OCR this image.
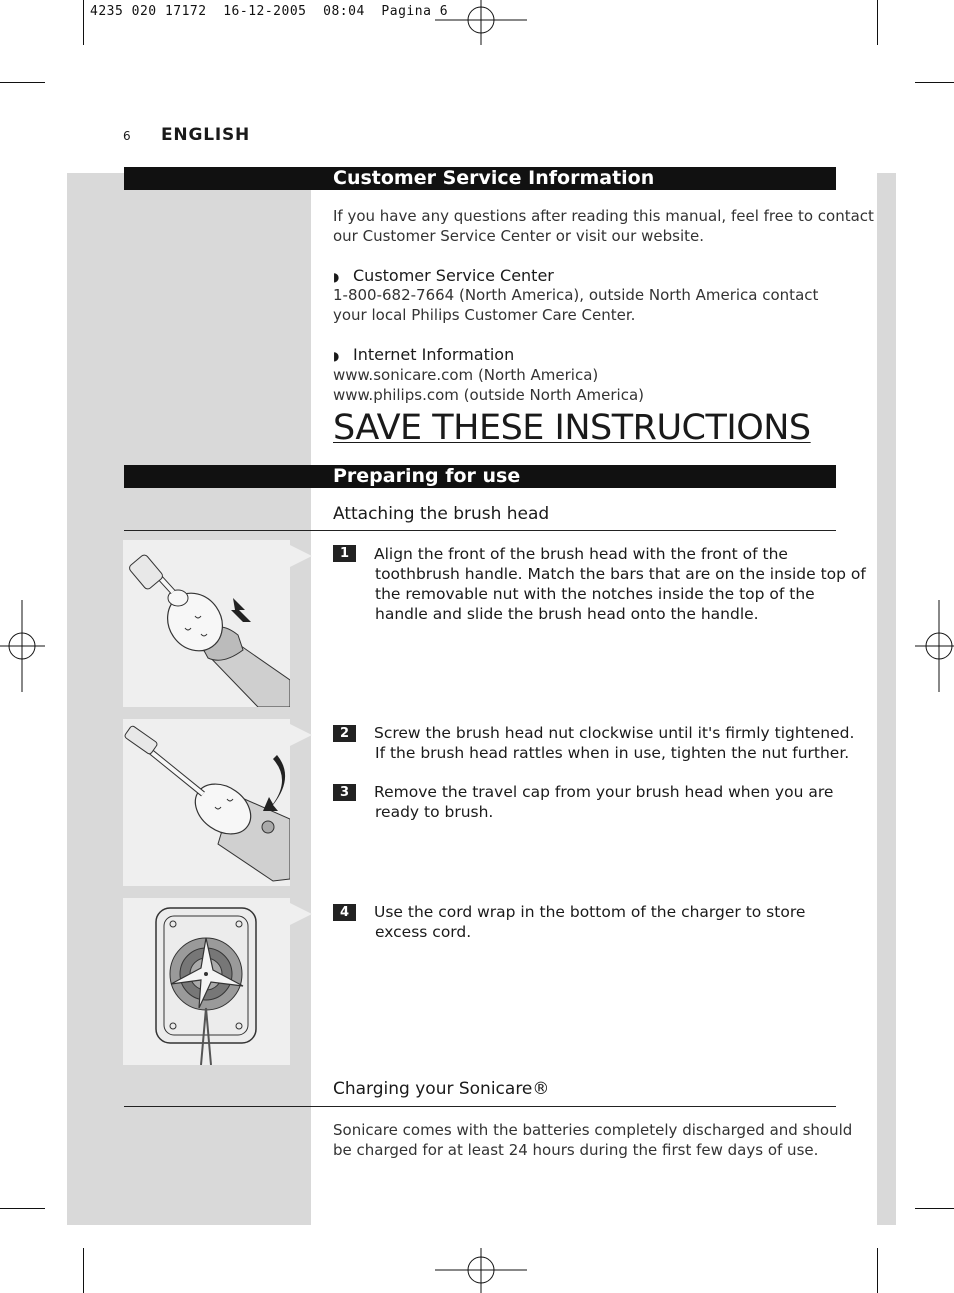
4235 020 17172  16-12-2005  08:04  Pagina 6
6 ENGLISH
Customer Service Information
If you have any questions after reading this manual, feel free to contact
our Customer Service Center or visit our website.
◗ Customer Service Center
1-800-682-7664 (North America), outside North America contact
your local Philips Customer Care Center.
◗ Internet Information
www.sonicare.com (North America)
www.philips.com (outside North America)
SAVE THESE INSTRUCTIONS
Preparing for use
Attaching the brush head
1	Align the front of the brush head with the front of the
toothbrush handle. Match the bars that are on the inside top of
the removable nut with the notches inside the top of the
handle and slide the brush head onto the handle.
2	Screw the brush head nut clockwise until it's firmly tightened.
If the brush head rattles when in use, tighten the nut further.
3	Remove the travel cap from your brush head when you are
ready to brush.
4	Use the cord wrap in the bottom of the charger to store
excess cord.
Charging your Sonicare®
Sonicare comes with the batteries completely discharged and should
be charged for at least 24 hours during the first few days of use.
